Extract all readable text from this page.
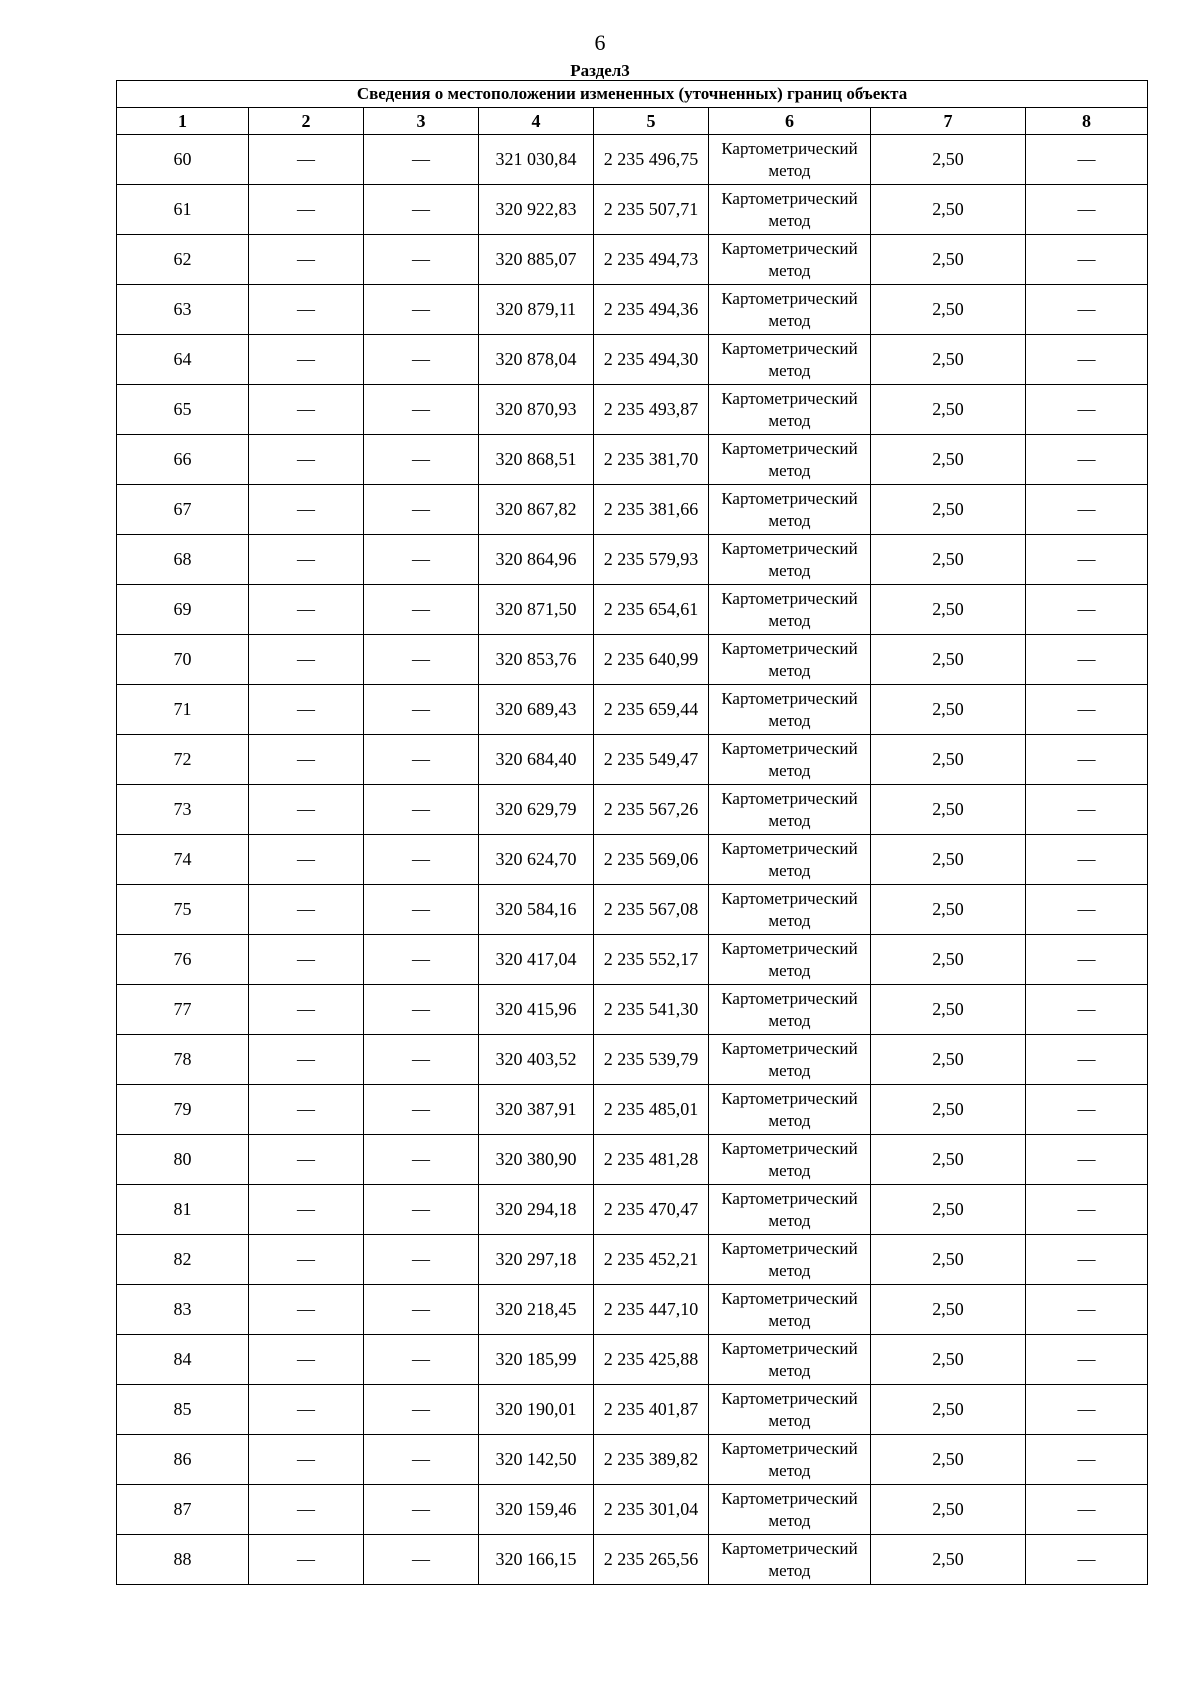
6
Раздел3
Сведения о местоположении измененных (уточненных) границ объекта							
1	2	3	4	5	6	7	8
60	—	—	321 030,84	2 235 496,75	Картометрический метод	2,50	—
61	—	—	320 922,83	2 235 507,71	Картометрический метод	2,50	—
62	—	—	320 885,07	2 235 494,73	Картометрический метод	2,50	—
63	—	—	320 879,11	2 235 494,36	Картометрический метод	2,50	—
64	—	—	320 878,04	2 235 494,30	Картометрический метод	2,50	—
65	—	—	320 870,93	2 235 493,87	Картометрический метод	2,50	—
66	—	—	320 868,51	2 235 381,70	Картометрический метод	2,50	—
67	—	—	320 867,82	2 235 381,66	Картометрический метод	2,50	—
68	—	—	320 864,96	2 235 579,93	Картометрический метод	2,50	—
69	—	—	320 871,50	2 235 654,61	Картометрический метод	2,50	—
70	—	—	320 853,76	2 235 640,99	Картометрический метод	2,50	—
71	—	—	320 689,43	2 235 659,44	Картометрический метод	2,50	—
72	—	—	320 684,40	2 235 549,47	Картометрический метод	2,50	—
73	—	—	320 629,79	2 235 567,26	Картометрический метод	2,50	—
74	—	—	320 624,70	2 235 569,06	Картометрический метод	2,50	—
75	—	—	320 584,16	2 235 567,08	Картометрический метод	2,50	—
76	—	—	320 417,04	2 235 552,17	Картометрический метод	2,50	—
77	—	—	320 415,96	2 235 541,30	Картометрический метод	2,50	—
78	—	—	320 403,52	2 235 539,79	Картометрический метод	2,50	—
79	—	—	320 387,91	2 235 485,01	Картометрический метод	2,50	—
80	—	—	320 380,90	2 235 481,28	Картометрический метод	2,50	—
81	—	—	320 294,18	2 235 470,47	Картометрический метод	2,50	—
82	—	—	320 297,18	2 235 452,21	Картометрический метод	2,50	—
83	—	—	320 218,45	2 235 447,10	Картометрический метод	2,50	—
84	—	—	320 185,99	2 235 425,88	Картометрический метод	2,50	—
85	—	—	320 190,01	2 235 401,87	Картометрический метод	2,50	—
86	—	—	320 142,50	2 235 389,82	Картометрический метод	2,50	—
87	—	—	320 159,46	2 235 301,04	Картометрический метод	2,50	—
88	—	—	320 166,15	2 235 265,56	Картометрический метод	2,50	—
